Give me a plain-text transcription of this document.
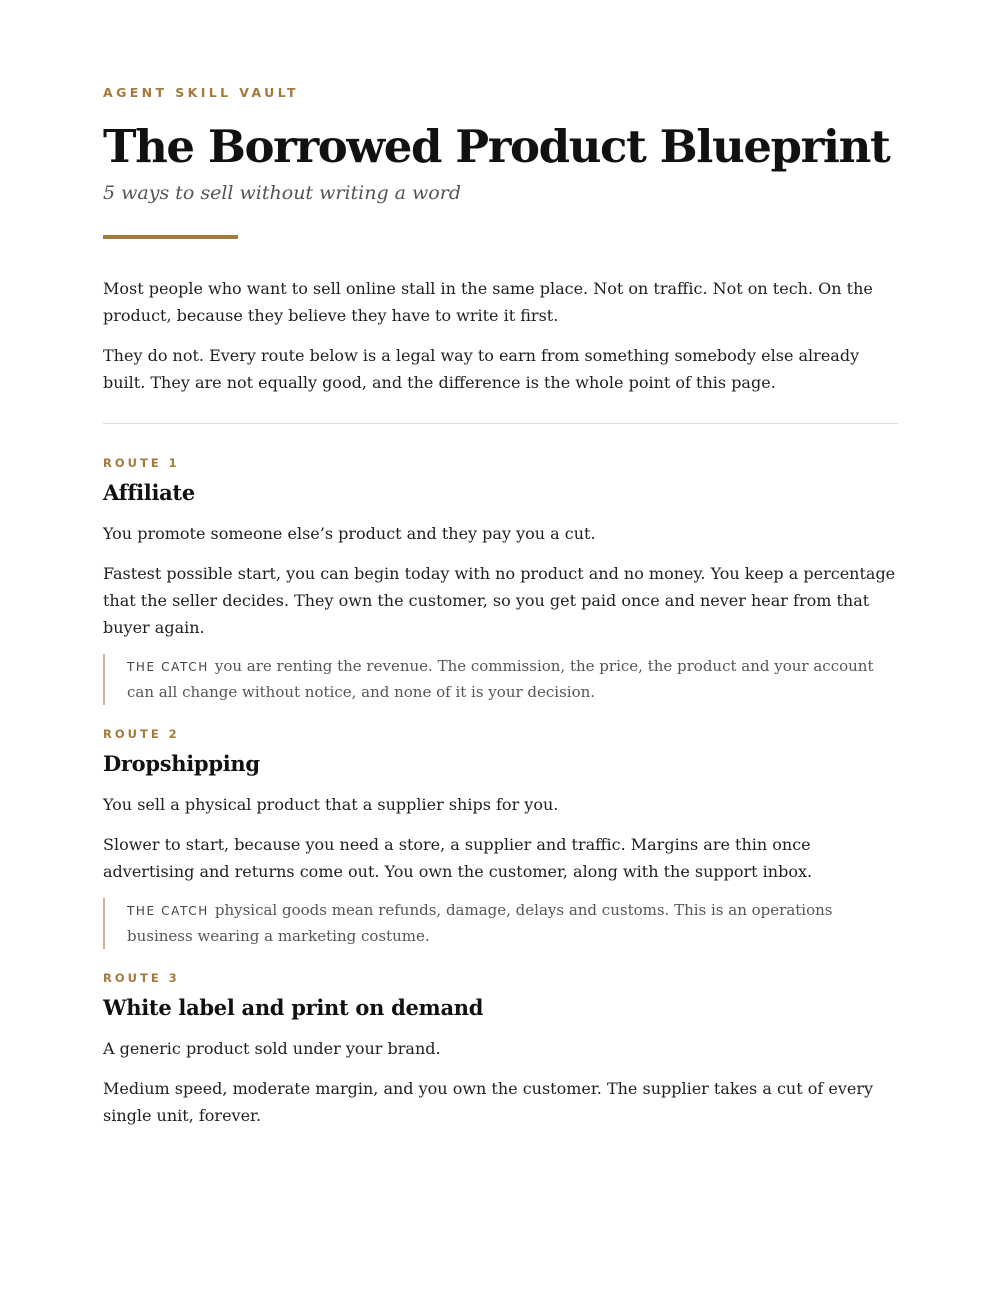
AGENT SKILL VAULT

The Borrowed Product Blueprint

5 ways to sell without writing a word

Most people who want to sell online stall in the same place. Not on traffic. Not on tech. On the product, because they believe they have to write it first.

They do not. Every route below is a legal way to earn from something somebody else already built. They are not equally good, and the difference is the whole point of this page.

ROUTE 1

Affiliate

You promote someone else’s product and they pay you a cut.

Fastest possible start, you can begin today with no product and no money. You keep a percentage that the seller decides. They own the customer, so you get paid once and never hear from that buyer again.

THE CATCH you are renting the revenue. The commission, the price, the product and your account can all change without notice, and none of it is your decision.

ROUTE 2

Dropshipping

You sell a physical product that a supplier ships for you.

Slower to start, because you need a store, a supplier and traffic. Margins are thin once advertising and returns come out. You own the customer, along with the support inbox.

THE CATCH physical goods mean refunds, damage, delays and customs. This is an operations business wearing a marketing costume.

ROUTE 3

White label and print on demand

A generic product sold under your brand.

Medium speed, moderate margin, and you own the customer. The supplier takes a cut of every single unit, forever.
